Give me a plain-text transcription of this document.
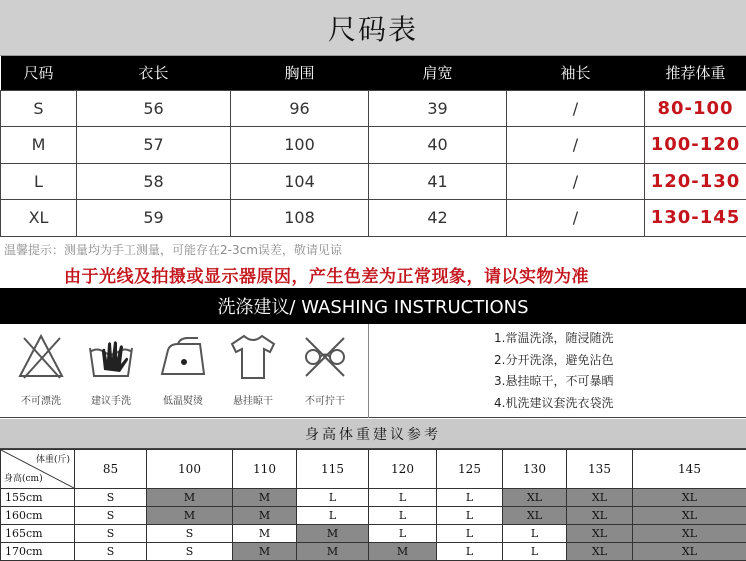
尺码表
尺码	衣长	胸围	肩宽	袖长	推荐体重
S	56	96	39	/	80-100
M	57	100	40	/	100-120
L	58	104	41	/	120-130
XL	59	108	42	/	130-145
温馨提示：测量均为手工测量，可能存在2-3cm误差，敬请见谅
由于光线及拍摄或显示器原因，产生色差为正常现象，请以实物为准
洗涤建议/ WASHING INSTRUCTIONS
不可漂洗	建议手洗	低温熨烫	悬挂晾干	不可拧干
1.常温洗涤，随浸随洗
2.分开洗涤，避免沾色
3.悬挂晾干，不可暴晒
4.机洗建议套洗衣袋洗
身高体重建议参考
体重(斤)
身高(cm)	85	100	110	115	120	125	130	135	145
155cm	S	M	M	L	L	L	XL	XL	XL
160cm	S	M	M	L	L	L	XL	XL	XL
165cm	S	S	M	M	L	L	L	XL	XL
170cm	S	S	M	M	M	L	L	XL	XL
